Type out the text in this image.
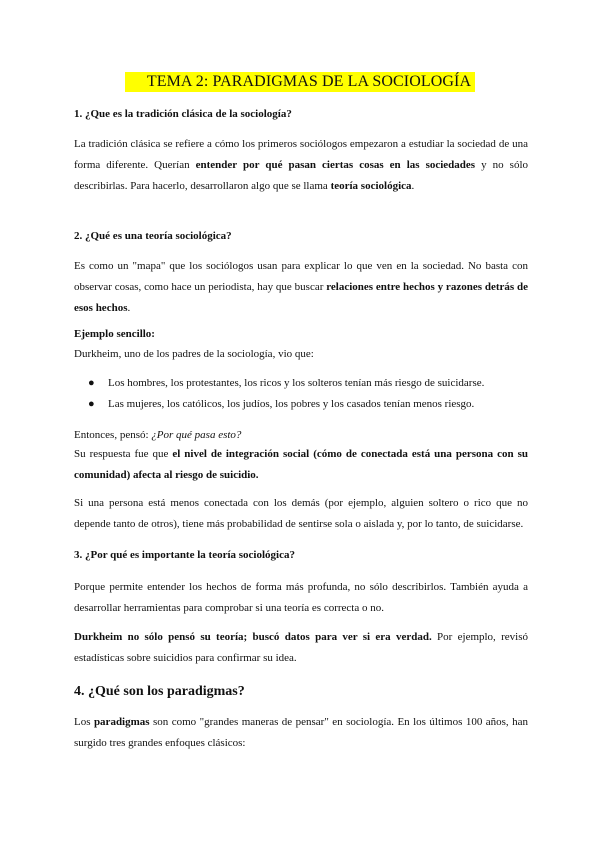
TEMA 2: PARADIGMAS DE LA SOCIOLOGÍA
1. ¿Que es la tradición clásica de la sociología?
La tradición clásica se refiere a cómo los primeros sociólogos empezaron a estudiar la sociedad de una forma diferente. Querían entender por qué pasan ciertas cosas en las sociedades y no sólo describirlas. Para hacerlo, desarrollaron algo que se llama teoría sociológica.
2. ¿Qué es una teoría sociológica?
Es como un "mapa" que los sociólogos usan para explicar lo que ven en la sociedad. No basta con observar cosas, como hace un periodista, hay que buscar relaciones entre hechos y razones detrás de esos hechos.
Ejemplo sencillo:
Durkheim, uno de los padres de la sociología, vio que:
● Los hombres, los protestantes, los ricos y los solteros tenían más riesgo de suicidarse.
● Las mujeres, los católicos, los judíos, los pobres y los casados tenían menos riesgo.
Entonces, pensó: ¿Por qué pasa esto?
Su respuesta fue que el nivel de integración social (cómo de conectada está una persona con su comunidad) afecta al riesgo de suicidio.
Si una persona está menos conectada con los demás (por ejemplo, alguien soltero o rico que no depende tanto de otros), tiene más probabilidad de sentirse sola o aislada y, por lo tanto, de suicidarse.
3. ¿Por qué es importante la teoría sociológica?
Porque permite entender los hechos de forma más profunda, no sólo describirlos. También ayuda a desarrollar herramientas para comprobar si una teoría es correcta o no.
Durkheim no sólo pensó su teoría; buscó datos para ver si era verdad. Por ejemplo, revisó estadísticas sobre suicidios para confirmar su idea.
4. ¿Qué son los paradigmas?
Los paradigmas son como "grandes maneras de pensar" en sociología. En los últimos 100 años, han surgido tres grandes enfoques clásicos:
